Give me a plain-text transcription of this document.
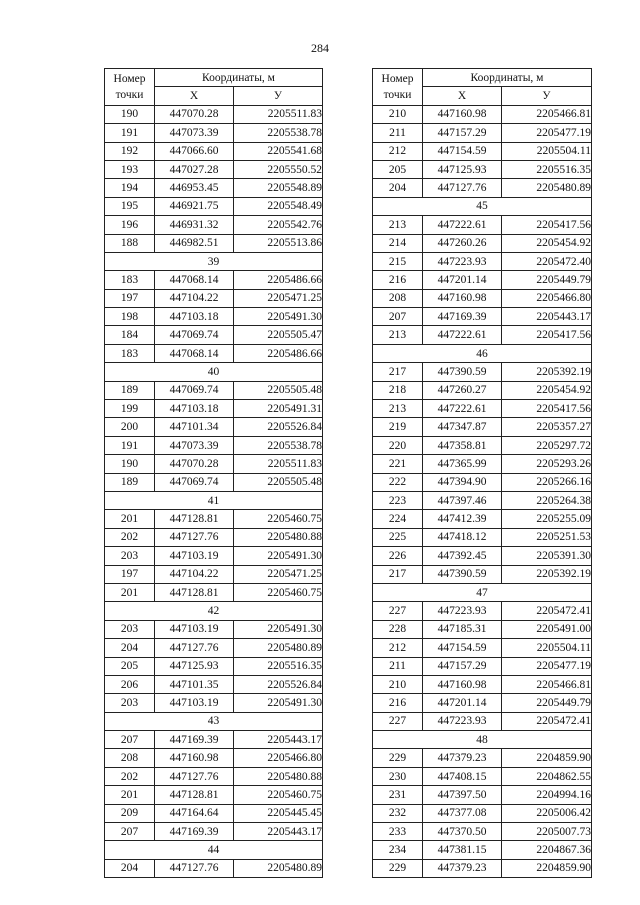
284
Номер
точки	Координаты, м	
	Х	У
190	447070.28	2205511.83
191	447073.39	2205538.78
192	447066.60	2205541.68
193	447027.28	2205550.52
194	446953.45	2205548.89
195	446921.75	2205548.49
196	446931.32	2205542.76
188	446982.51	2205513.86
39		
183	447068.14	2205486.66
197	447104.22	2205471.25
198	447103.18	2205491.30
184	447069.74	2205505.47
183	447068.14	2205486.66
40		
189	447069.74	2205505.48
199	447103.18	2205491.31
200	447101.34	2205526.84
191	447073.39	2205538.78
190	447070.28	2205511.83
189	447069.74	2205505.48
41		
201	447128.81	2205460.75
202	447127.76	2205480.88
203	447103.19	2205491.30
197	447104.22	2205471.25
201	447128.81	2205460.75
42		
203	447103.19	2205491.30
204	447127.76	2205480.89
205	447125.93	2205516.35
206	447101.35	2205526.84
203	447103.19	2205491.30
43		
207	447169.39	2205443.17
208	447160.98	2205466.80
202	447127.76	2205480.88
201	447128.81	2205460.75
209	447164.64	2205445.45
207	447169.39	2205443.17
44		
204	447127.76	2205480.89
Номер
точки	Координаты, м	
	Х	У
210	447160.98	2205466.81
211	447157.29	2205477.19
212	447154.59	2205504.11
205	447125.93	2205516.35
204	447127.76	2205480.89
45		
213	447222.61	2205417.56
214	447260.26	2205454.92
215	447223.93	2205472.40
216	447201.14	2205449.79
208	447160.98	2205466.80
207	447169.39	2205443.17
213	447222.61	2205417.56
46		
217	447390.59	2205392.19
218	447260.27	2205454.92
213	447222.61	2205417.56
219	447347.87	2205357.27
220	447358.81	2205297.72
221	447365.99	2205293.26
222	447394.90	2205266.16
223	447397.46	2205264.38
224	447412.39	2205255.09
225	447418.12	2205251.53
226	447392.45	2205391.30
217	447390.59	2205392.19
47		
227	447223.93	2205472.41
228	447185.31	2205491.00
212	447154.59	2205504.11
211	447157.29	2205477.19
210	447160.98	2205466.81
216	447201.14	2205449.79
227	447223.93	2205472.41
48		
229	447379.23	2204859.90
230	447408.15	2204862.55
231	447397.50	2204994.16
232	447377.08	2205006.42
233	447370.50	2205007.73
234	447381.15	2204867.36
229	447379.23	2204859.90
